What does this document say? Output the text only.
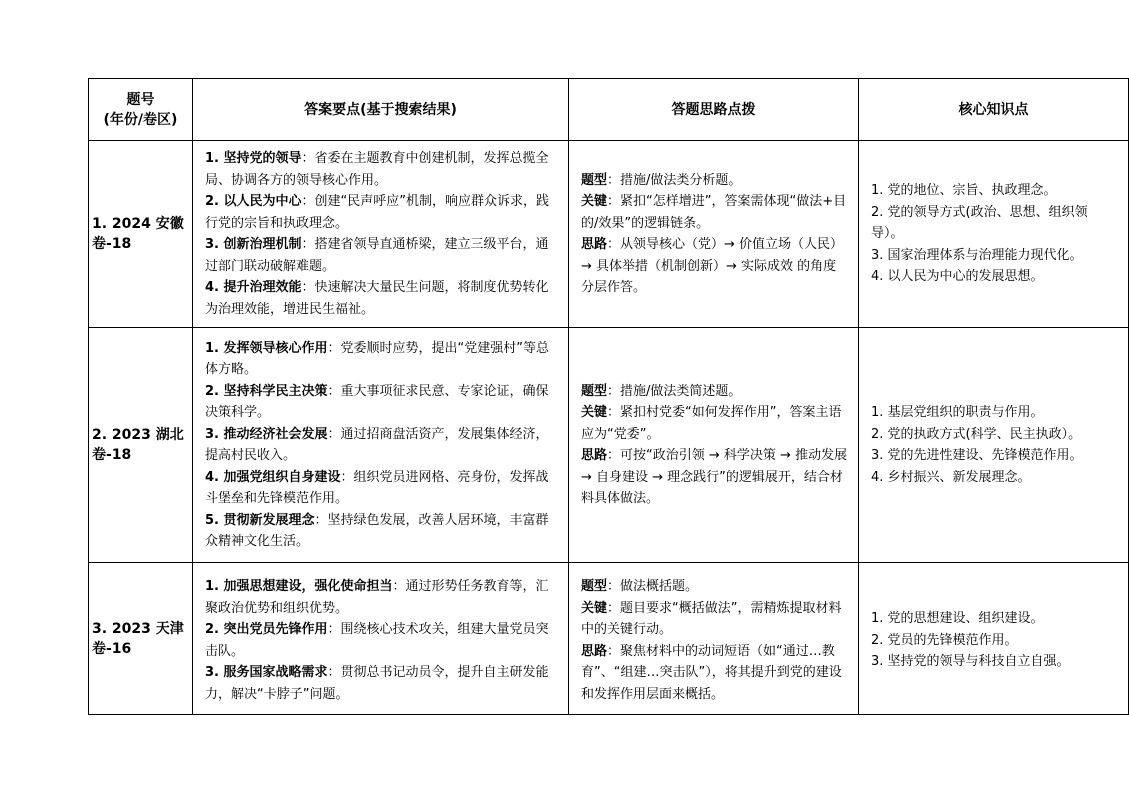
题号
(年份/卷区)	答案要点(基于搜索结果)	答题思路点拨	核心知识点

1. 2024 安徽
卷-18	1. 坚持党的领导：省委在主题教育中创建机制，发挥总揽全局、协调各方的领导核心作用。
2. 以人民为中心：创建“民声呼应”机制，响应群众诉求，践行党的宗旨和执政理念。
3. 创新治理机制：搭建省领导直通桥梁，建立三级平台，通过部门联动破解难题。
4. 提升治理效能：快速解决大量民生问题，将制度优势转化为治理效能，增进民生福祉。	题型：措施/做法类分析题。
关键：紧扣“怎样增进”，答案需体现“做法+目的/效果”的逻辑链条。
思路：从领导核心（党）→ 价值立场（人民）→ 具体举措（机制创新）→ 实际成效 的角度分层作答。	1. 党的地位、宗旨、执政理念。
2. 党的领导方式(政治、思想、组织领导）。
3. 国家治理体系与治理能力现代化。
4. 以人民为中心的发展思想。

2. 2023 湖北
卷-18	1. 发挥领导核心作用：党委顺时应势，提出“党建强村”等总体方略。
2. 坚持科学民主决策：重大事项征求民意、专家论证，确保决策科学。
3. 推动经济社会发展：通过招商盘活资产，发展集体经济，提高村民收入。
4. 加强党组织自身建设：组织党员进网格、亮身份，发挥战斗堡垒和先锋模范作用。
5. 贯彻新发展理念：坚持绿色发展，改善人居环境，丰富群众精神文化生活。	题型：措施/做法类简述题。
关键：紧扣村党委“如何发挥作用”，答案主语应为“党委”。
思路：可按“政治引领 → 科学决策 → 推动发展 → 自身建设 → 理念践行”的逻辑展开，结合材料具体做法。	1. 基层党组织的职责与作用。
2. 党的执政方式(科学、民主执政）。
3. 党的先进性建设、先锋模范作用。
4. 乡村振兴、新发展理念。

3. 2023 天津
卷-16	1. 加强思想建设，强化使命担当：通过形势任务教育等，汇聚政治优势和组织优势。
2. 突出党员先锋作用：围绕核心技术攻关，组建大量党员突击队。
3. 服务国家战略需求：贯彻总书记动员令，提升自主研发能力，解决“卡脖子”问题。	题型：做法概括题。
关键：题目要求“概括做法”，需精炼提取材料中的关键行动。
思路：聚焦材料中的动词短语（如“通过…教育”、“组建…突击队”），将其提升到党的建设和发挥作用层面来概括。	1. 党的思想建设、组织建设。
2. 党员的先锋模范作用。
3. 坚持党的领导与科技自立自强。
